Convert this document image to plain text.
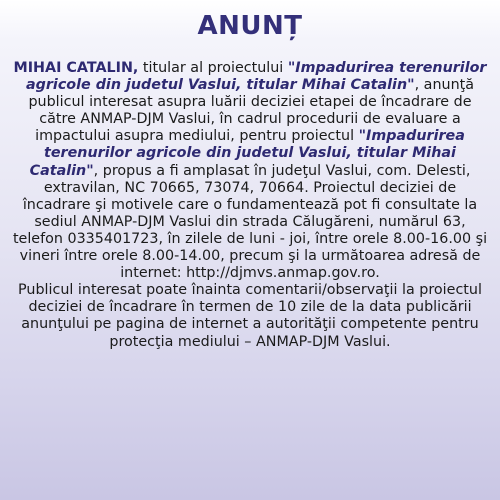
ANUNȚ
MIHAI CATALIN, titular al proiectului "Impadurirea terenurilor agricole din judetul Vaslui, titular Mihai Catalin", anunţă publicul interesat asupra luării deciziei etapei de încadrare de către ANMAP-DJM Vaslui, în cadrul procedurii de evaluare a impactului asupra mediului, pentru proiectul "Impadurirea terenurilor agricole din judetul Vaslui, titular Mihai Catalin", propus a fi amplasat în judeţul Vaslui, com. Delesti, extravilan, NC 70665, 73074, 70664. Proiectul deciziei de încadrare şi motivele care o fundamentează pot fi consultate la sediul ANMAP-DJM Vaslui din strada Călugăreni, numărul 63, telefon 0335401723, în zilele de luni - joi, între orele 8.00-16.00 şi vineri între orele 8.00-14.00, precum şi la următoarea adresă de internet: http://djmvs.anmap.gov.ro.
Publicul interesat poate înainta comentarii/observaţii la proiectul deciziei de încadrare în termen de 10 zile de la data publicării anunţului pe pagina de internet a autorităţii competente pentru protecţia mediului – ANMAP-DJM Vaslui.
